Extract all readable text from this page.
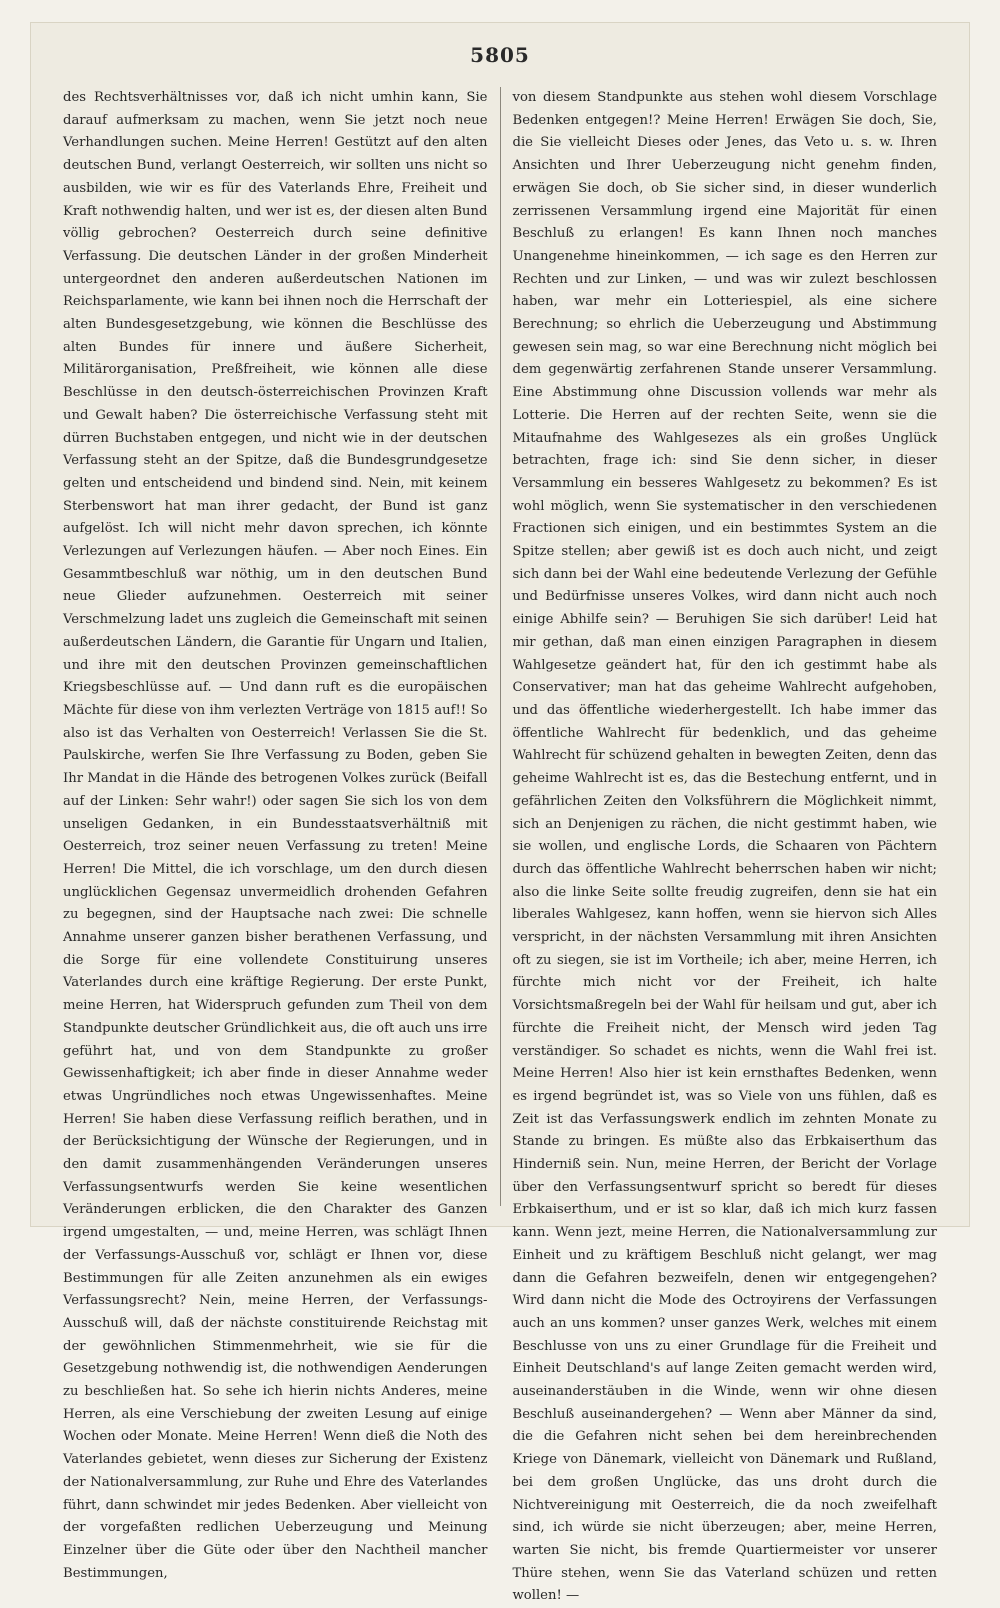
5805

des Rechtsverhältnisses vor, daß ich nicht umhin kann, Sie darauf aufmerksam zu machen, wenn Sie jetzt noch neue Verhandlungen suchen. Meine Herren! Gestützt auf den alten deutschen Bund, verlangt Oesterreich, wir sollten uns nicht so ausbilden, wie wir es für des Vaterlands Ehre, Freiheit und Kraft nothwendig halten, und wer ist es, der diesen alten Bund völlig gebrochen? Oesterreich durch seine definitive Verfassung. Die deutschen Länder in der großen Minderheit untergeordnet den anderen außerdeutschen Nationen im Reichsparlamente, wie kann bei ihnen noch die Herrschaft der alten Bundesgesetzgebung, wie können die Beschlüsse des alten Bundes für innere und äußere Sicherheit, Militärorganisation, Preßfreiheit, wie können alle diese Beschlüsse in den deutsch-österreichischen Provinzen Kraft und Gewalt haben? Die österreichische Verfassung steht mit dürren Buchstaben entgegen, und nicht wie in der deutschen Verfassung steht an der Spitze, daß die Bundesgrundgesetze gelten und entscheidend und bindend sind. Nein, mit keinem Sterbenswort hat man ihrer gedacht, der Bund ist ganz aufgelöst. Ich will nicht mehr davon sprechen, ich könnte Verlezungen auf Verlezungen häufen. — Aber noch Eines. Ein Gesammtbeschluß war nöthig, um in den deutschen Bund neue Glieder aufzunehmen. Oesterreich mit seiner Verschmelzung ladet uns zugleich die Gemeinschaft mit seinen außerdeutschen Ländern, die Garantie für Ungarn und Italien, und ihre mit den deutschen Provinzen gemeinschaftlichen Kriegsbeschlüsse auf. — Und dann ruft es die europäischen Mächte für diese von ihm verlezten Verträge von 1815 auf!! So also ist das Verhalten von Oesterreich! Verlassen Sie die St. Paulskirche, werfen Sie Ihre Verfassung zu Boden, geben Sie Ihr Mandat in die Hände des betrogenen Volkes zurück (Beifall auf der Linken: Sehr wahr!) oder sagen Sie sich los von dem unseligen Gedanken, in ein Bundesstaatsverhältniß mit Oesterreich, troz seiner neuen Verfassung zu treten! Meine Herren! Die Mittel, die ich vorschlage, um den durch diesen unglücklichen Gegensaz unvermeidlich drohenden Gefahren zu begegnen, sind der Hauptsache nach zwei: Die schnelle Annahme unserer ganzen bisher berathenen Verfassung, und die Sorge für eine vollendete Constituirung unseres Vaterlandes durch eine kräftige Regierung. Der erste Punkt, meine Herren, hat Widerspruch gefunden zum Theil von dem Standpunkte deutscher Gründlichkeit aus, die oft auch uns irre geführt hat, und von dem Standpunkte zu großer Gewissenhaftigkeit; ich aber finde in dieser Annahme weder etwas Ungründliches noch etwas Ungewissenhaftes. Meine Herren! Sie haben diese Verfassung reiflich berathen, und in der Berücksichtigung der Wünsche der Regierungen, und in den damit zusammenhängenden Veränderungen unseres Verfassungsentwurfs werden Sie keine wesentlichen Veränderungen erblicken, die den Charakter des Ganzen irgend umgestalten, — und, meine Herren, was schlägt Ihnen der Verfassungs-Ausschuß vor, schlägt er Ihnen vor, diese Bestimmungen für alle Zeiten anzunehmen als ein ewiges Verfassungsrecht? Nein, meine Herren, der Verfassungs-Ausschuß will, daß der nächste constituirende Reichstag mit der gewöhnlichen Stimmenmehrheit, wie sie für die Gesetzgebung nothwendig ist, die nothwendigen Aenderungen zu beschließen hat. So sehe ich hierin nichts Anderes, meine Herren, als eine Verschiebung der zweiten Lesung auf einige Wochen oder Monate. Meine Herren! Wenn dieß die Noth des Vaterlandes gebietet, wenn dieses zur Sicherung der Existenz der Nationalversammlung, zur Ruhe und Ehre des Vaterlandes führt, dann schwindet mir jedes Bedenken. Aber vielleicht von der vorgefaßten redlichen Ueberzeugung und Meinung Einzelner über die Güte oder über den Nachtheil mancher Bestimmungen,

von diesem Standpunkte aus stehen wohl diesem Vorschlage Bedenken entgegen!? Meine Herren! Erwägen Sie doch, Sie, die Sie vielleicht Dieses oder Jenes, das Veto u. s. w. Ihren Ansichten und Ihrer Ueberzeugung nicht genehm finden, erwägen Sie doch, ob Sie sicher sind, in dieser wunderlich zerrissenen Versammlung irgend eine Majorität für einen Beschluß zu erlangen! Es kann Ihnen noch manches Unangenehme hineinkommen, — ich sage es den Herren zur Rechten und zur Linken, — und was wir zulezt beschlossen haben, war mehr ein Lotteriespiel, als eine sichere Berechnung; so ehrlich die Ueberzeugung und Abstimmung gewesen sein mag, so war eine Berechnung nicht möglich bei dem gegenwärtig zerfahrenen Stande unserer Versammlung. Eine Abstimmung ohne Discussion vollends war mehr als Lotterie. Die Herren auf der rechten Seite, wenn sie die Mitaufnahme des Wahlgesezes als ein großes Unglück betrachten, frage ich: sind Sie denn sicher, in dieser Versammlung ein besseres Wahlgesetz zu bekommen? Es ist wohl möglich, wenn Sie systematischer in den verschiedenen Fractionen sich einigen, und ein bestimmtes System an die Spitze stellen; aber gewiß ist es doch auch nicht, und zeigt sich dann bei der Wahl eine bedeutende Verlezung der Gefühle und Bedürfnisse unseres Volkes, wird dann nicht auch noch einige Abhilfe sein? — Beruhigen Sie sich darüber! Leid hat mir gethan, daß man einen einzigen Paragraphen in diesem Wahlgesetze geändert hat, für den ich gestimmt habe als Conservativer; man hat das geheime Wahlrecht aufgehoben, und das öffentliche wiederhergestellt. Ich habe immer das öffentliche Wahlrecht für bedenklich, und das geheime Wahlrecht für schüzend gehalten in bewegten Zeiten, denn das geheime Wahlrecht ist es, das die Bestechung entfernt, und in gefährlichen Zeiten den Volksführern die Möglichkeit nimmt, sich an Denjenigen zu rächen, die nicht gestimmt haben, wie sie wollen, und englische Lords, die Schaaren von Pächtern durch das öffentliche Wahlrecht beherrschen haben wir nicht; also die linke Seite sollte freudig zugreifen, denn sie hat ein liberales Wahlgesez, kann hoffen, wenn sie hiervon sich Alles verspricht, in der nächsten Versammlung mit ihren Ansichten oft zu siegen, sie ist im Vortheile; ich aber, meine Herren, ich fürchte mich nicht vor der Freiheit, ich halte Vorsichtsmaßregeln bei der Wahl für heilsam und gut, aber ich fürchte die Freiheit nicht, der Mensch wird jeden Tag verständiger. So schadet es nichts, wenn die Wahl frei ist. Meine Herren! Also hier ist kein ernsthaftes Bedenken, wenn es irgend begründet ist, was so Viele von uns fühlen, daß es Zeit ist das Verfassungswerk endlich im zehnten Monate zu Stande zu bringen. Es müßte also das Erbkaiserthum das Hinderniß sein. Nun, meine Herren, der Bericht der Vorlage über den Verfassungsentwurf spricht so beredt für dieses Erbkaiserthum, und er ist so klar, daß ich mich kurz fassen kann. Wenn jezt, meine Herren, die Nationalversammlung zur Einheit und zu kräftigem Beschluß nicht gelangt, wer mag dann die Gefahren bezweifeln, denen wir entgegengehen? Wird dann nicht die Mode des Octroyirens der Verfassungen auch an uns kommen? unser ganzes Werk, welches mit einem Beschlusse von uns zu einer Grundlage für die Freiheit und Einheit Deutschland's auf lange Zeiten gemacht werden wird, auseinanderstäuben in die Winde, wenn wir ohne diesen Beschluß auseinandergehen? — Wenn aber Männer da sind, die die Gefahren nicht sehen bei dem hereinbrechenden Kriege von Dänemark, vielleicht von Dänemark und Rußland, bei dem großen Unglücke, das uns droht durch die Nichtvereinigung mit Oesterreich, die da noch zweifelhaft sind, ich würde sie nicht überzeugen; aber, meine Herren, warten Sie nicht, bis fremde Quartiermeister vor unserer Thüre stehen, wenn Sie das Vaterland schüzen und retten wollen! —
